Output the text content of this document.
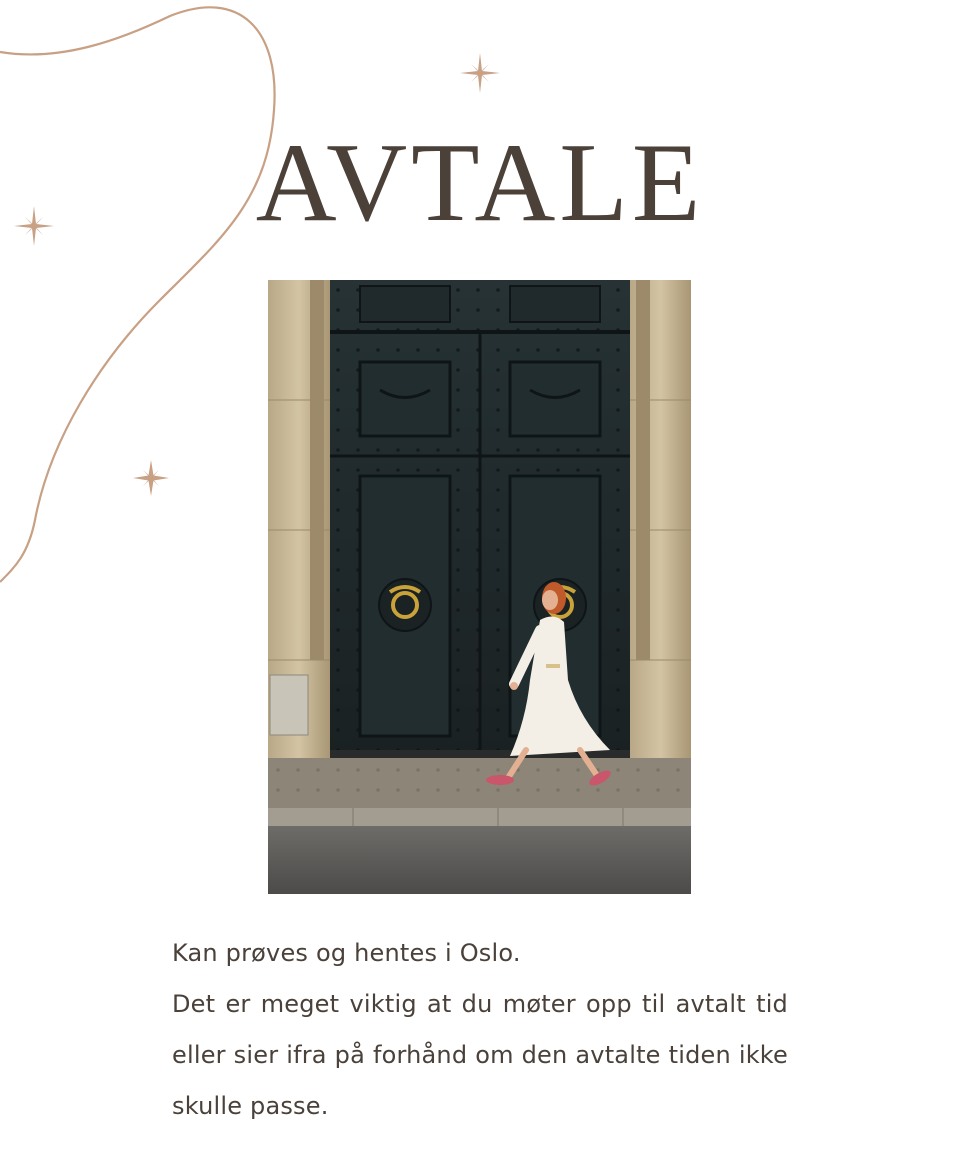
AVTALE

Kan prøves og hentes i Oslo.

Det er meget viktig at du møter opp til avtalt tid eller sier ifra på forhånd om den avtalte tiden ikke skulle passe.
